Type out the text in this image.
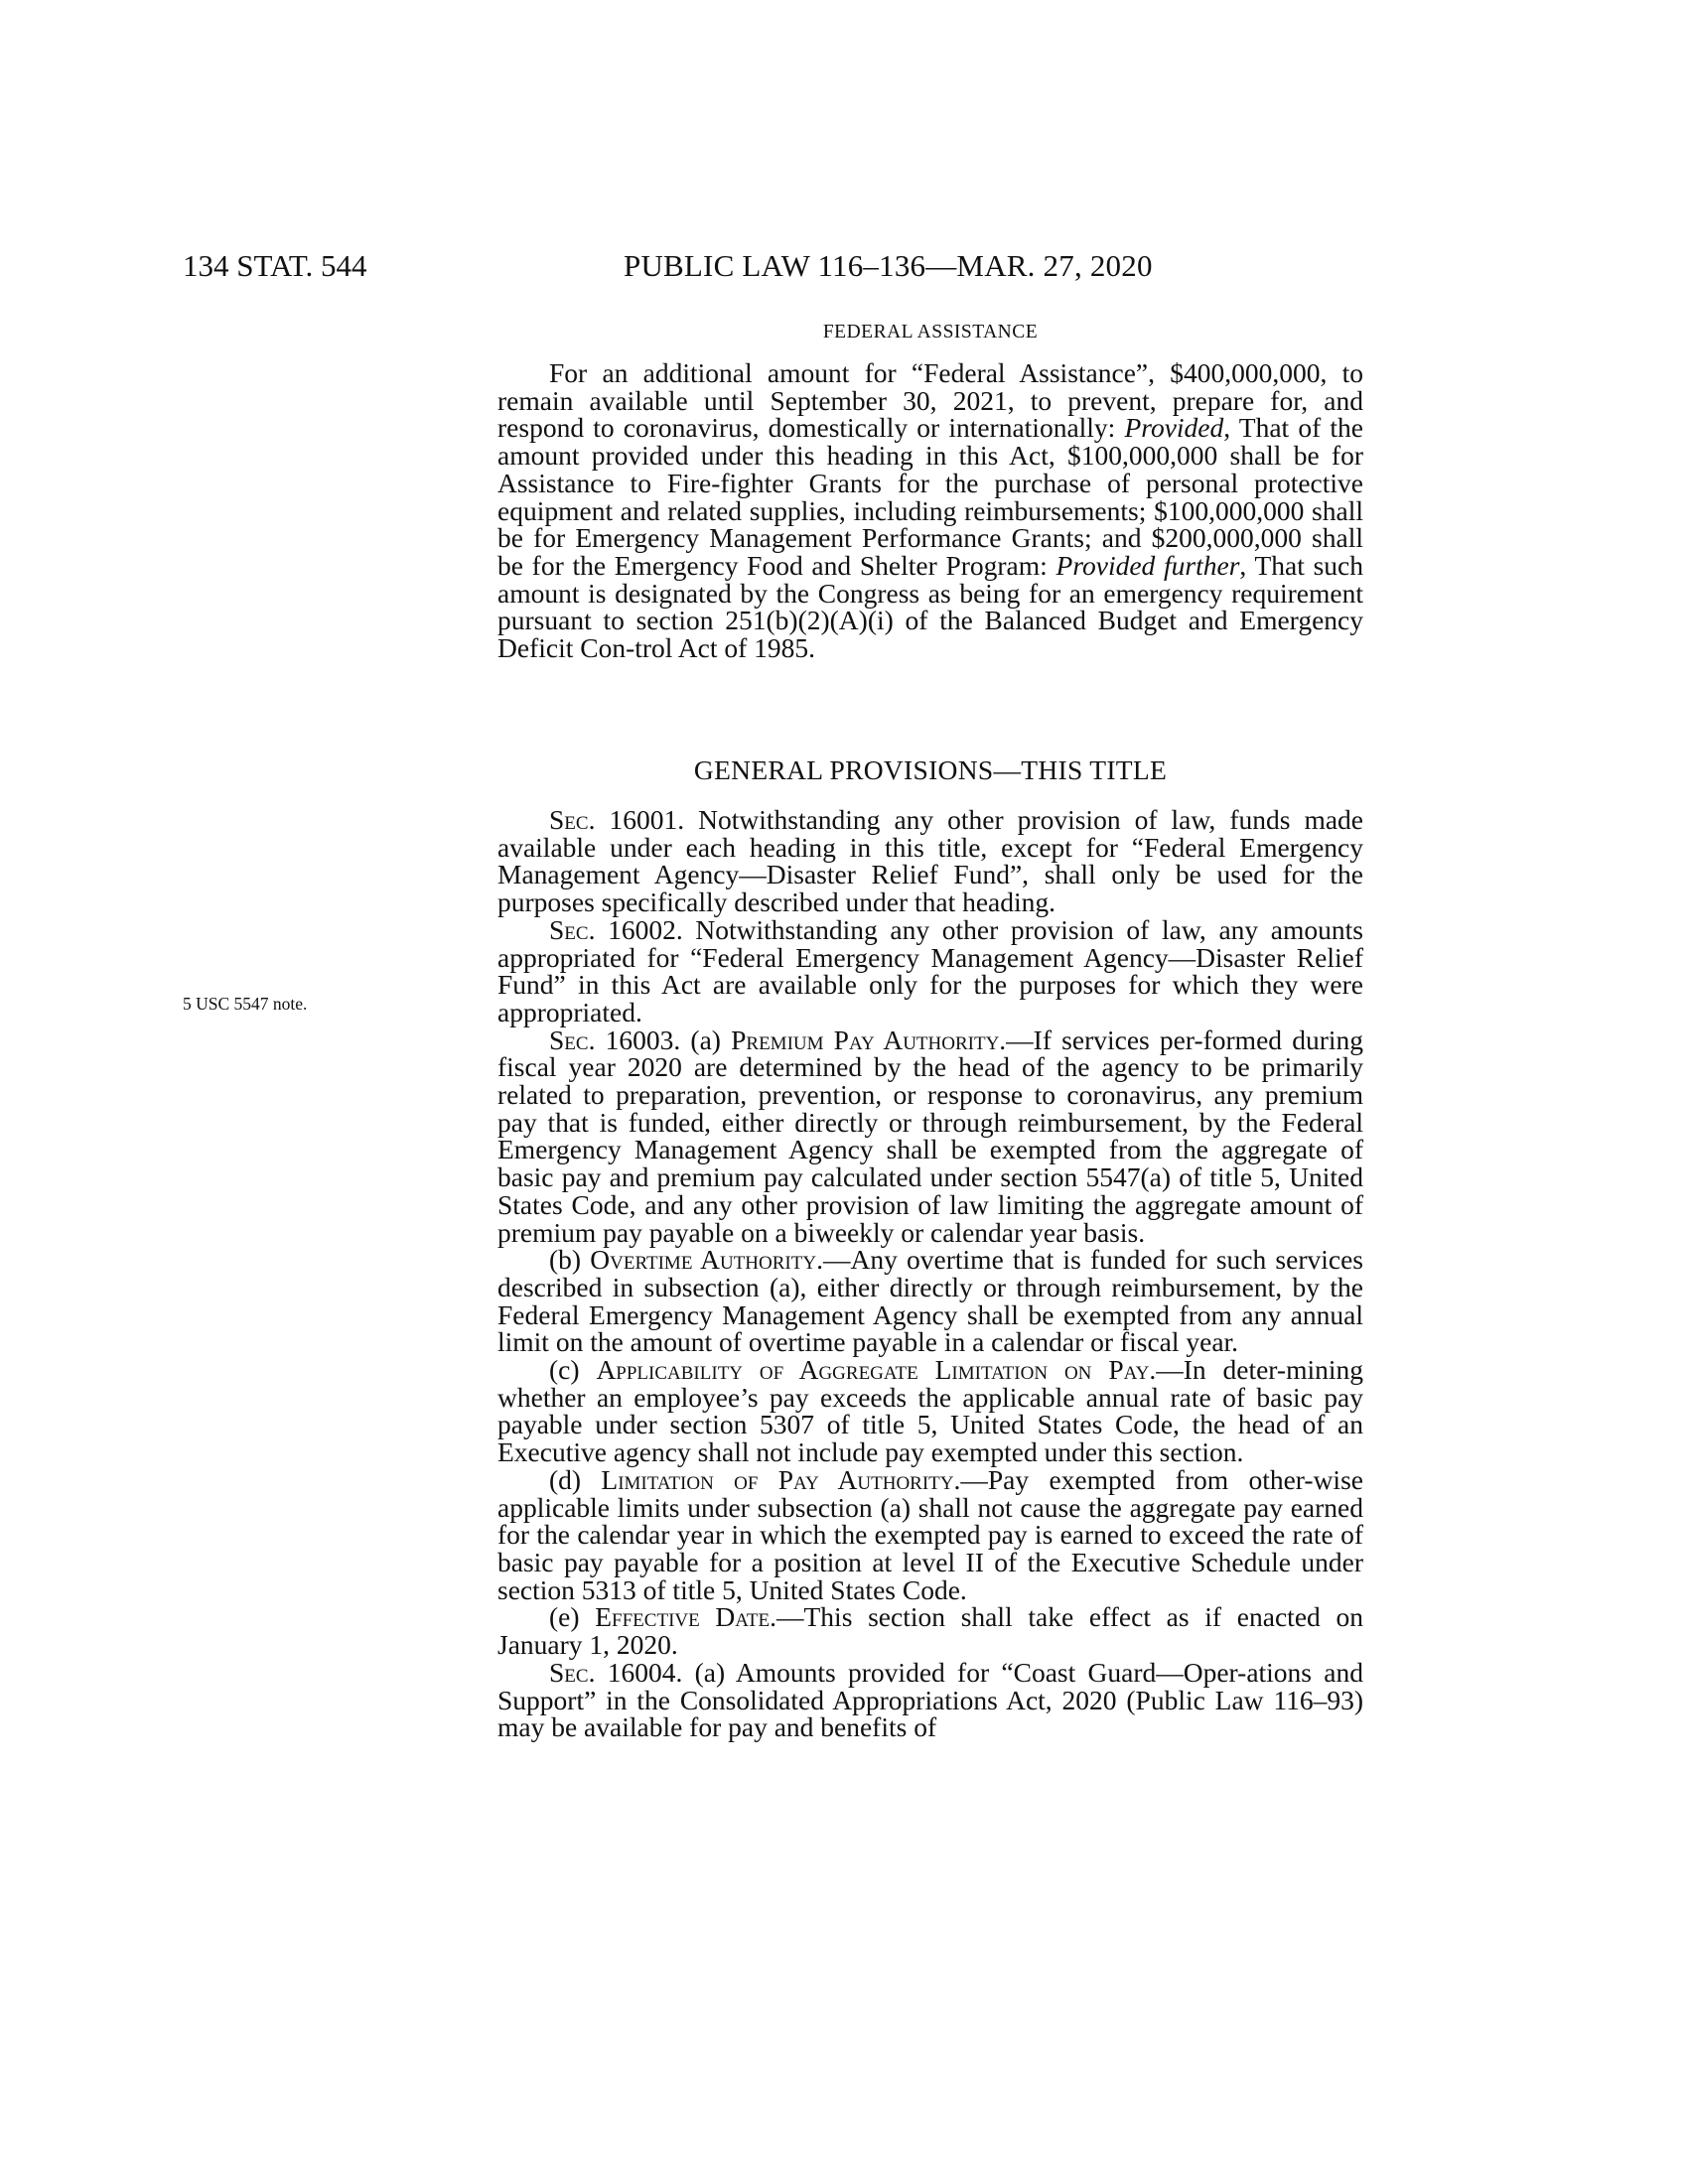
134 STAT. 544	PUBLIC LAW 116–136—MAR. 27, 2020
FEDERAL ASSISTANCE

For an additional amount for “Federal Assistance”, $400,000,000, to remain available until September 30, 2021, to prevent, prepare for, and respond to coronavirus, domestically or internationally: Provided, That of the amount provided under this heading in this Act, $100,000,000 shall be for Assistance to Fire-fighter Grants for the purchase of personal protective equipment and related supplies, including reimbursements; $100,000,000 shall be for Emergency Management Performance Grants; and $200,000,000 shall be for the Emergency Food and Shelter Program: Provided further, That such amount is designated by the Congress as being for an emergency requirement pursuant to section 251(b)(2)(A)(i) of the Balanced Budget and Emergency Deficit Con-trol Act of 1985.

GENERAL PROVISIONS—THIS TITLE
5 USC 5547 note.

Sec. 16001. Notwithstanding any other provision of law, funds made available under each heading in this title, except for “Federal Emergency Management Agency—Disaster Relief Fund”, shall only be used for the purposes specifically described under that heading.

Sec. 16002. Notwithstanding any other provision of law, any amounts appropriated for “Federal Emergency Management Agency—Disaster Relief Fund” in this Act are available only for the purposes for which they were appropriated.

Sec. 16003. (a) Premium Pay Authority.—If services per-formed during fiscal year 2020 are determined by the head of the agency to be primarily related to preparation, prevention, or response to coronavirus, any premium pay that is funded, either directly or through reimbursement, by the Federal Emergency Management Agency shall be exempted from the aggregate of basic pay and premium pay calculated under section 5547(a) of title 5, United States Code, and any other provision of law limiting the aggregate amount of premium pay payable on a biweekly or calendar year basis.

(b) Overtime Authority.—Any overtime that is funded for such services described in subsection (a), either directly or through reimbursement, by the Federal Emergency Management Agency shall be exempted from any annual limit on the amount of overtime payable in a calendar or fiscal year.

(c) Applicability of Aggregate Limitation on Pay.—In deter-mining whether an employee’s pay exceeds the applicable annual rate of basic pay payable under section 5307 of title 5, United States Code, the head of an Executive agency shall not include pay exempted under this section.

(d) Limitation of Pay Authority.—Pay exempted from other-wise applicable limits under subsection (a) shall not cause the aggregate pay earned for the calendar year in which the exempted pay is earned to exceed the rate of basic pay payable for a position at level II of the Executive Schedule under section 5313 of title 5, United States Code.

(e) Effective Date.—This section shall take effect as if enacted on January 1, 2020.

Sec. 16004. (a) Amounts provided for “Coast Guard—Oper-ations and Support” in the Consolidated Appropriations Act, 2020 (Public Law 116–93) may be available for pay and benefits of
